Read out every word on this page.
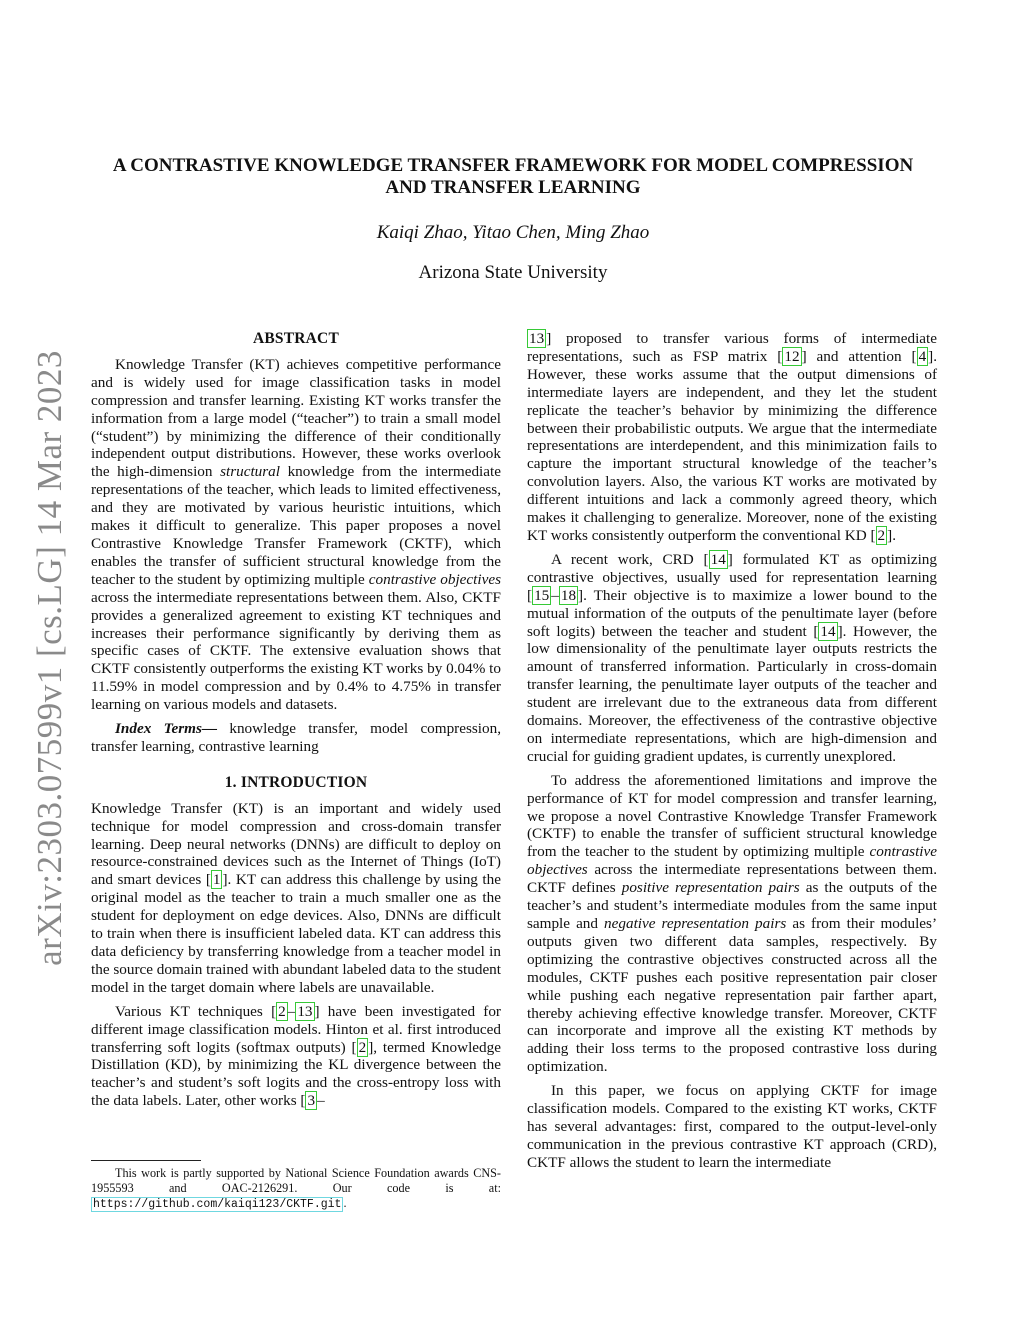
arXiv:2303.07599v1 [cs.LG] 14 Mar 2023
A CONTRASTIVE KNOWLEDGE TRANSFER FRAMEWORK FOR MODEL COMPRESSION
AND TRANSFER LEARNING
Kaiqi Zhao, Yitao Chen, Ming Zhao
Arizona State University
ABSTRACT

Knowledge Transfer (KT) achieves competitive performance and is widely used for image classification tasks in model compression and transfer learning. Existing KT works transfer the information from a large model (“teacher”) to train a small model (“student”) by minimizing the difference of their conditionally independent output distributions. However, these works overlook the high-dimension structural knowledge from the intermediate representations of the teacher, which leads to limited effectiveness, and they are motivated by various heuristic intuitions, which makes it difficult to generalize. This paper proposes a novel Contrastive Knowledge Transfer Framework (CKTF), which enables the transfer of sufficient structural knowledge from the teacher to the student by optimizing multiple contrastive objectives across the intermediate representations between them. Also, CKTF provides a generalized agreement to existing KT techniques and increases their performance significantly by deriving them as specific cases of CKTF. The extensive evaluation shows that CKTF consistently outperforms the existing KT works by 0.04% to 11.59% in model compression and by 0.4% to 4.75% in transfer learning on various models and datasets.

Index Terms— knowledge transfer, model compression, transfer learning, contrastive learning

1. INTRODUCTION

Knowledge Transfer (KT) is an important and widely used technique for model compression and cross-domain transfer learning. Deep neural networks (DNNs) are difficult to deploy on resource-constrained devices such as the Internet of Things (IoT) and smart devices [ 1 ]. KT can address this challenge by using the original model as the teacher to train a much smaller one as the student for deployment on edge devices. Also, DNNs are difficult to train when there is insufficient labeled data. KT can address this data deficiency by transferring knowledge from a teacher model in the source domain trained with abundant labeled data to the student model in the target domain where labels are unavailable.

Various KT techniques [ 2 – 13 ] have been investigated for different image classification models. Hinton et al. first introduced transferring soft logits (softmax outputs) [ 2 ], termed Knowledge Distillation (KD), by minimizing the KL divergence between the teacher’s and student’s soft logits and the cross-entropy loss with the data labels. Later, other works [ 3 –

13 ] proposed to transfer various forms of intermediate representations, such as FSP matrix [ 12 ] and attention [ 4 ]. However, these works assume that the output dimensions of intermediate layers are independent, and they let the student replicate the teacher’s behavior by minimizing the difference between their probabilistic outputs. We argue that the intermediate representations are interdependent, and this minimization fails to capture the important structural knowledge of the teacher’s convolution layers. Also, the various KT works are motivated by different intuitions and lack a commonly agreed theory, which makes it challenging to generalize. Moreover, none of the existing KT works consistently outperform the conventional KD [ 2 ].

A recent work, CRD [ 14 ] formulated KT as optimizing contrastive objectives, usually used for representation learning [ 15 – 18 ]. Their objective is to maximize a lower bound to the mutual information of the outputs of the penultimate layer (before soft logits) between the teacher and student [ 14 ]. However, the low dimensionality of the penultimate layer outputs restricts the amount of transferred information. Particularly in cross-domain transfer learning, the penultimate layer outputs of the teacher and student are irrelevant due to the extraneous data from different domains. Moreover, the effectiveness of the contrastive objective on intermediate representations, which are high-dimension and crucial for guiding gradient updates, is currently unexplored.

To address the aforementioned limitations and improve the performance of KT for model compression and transfer learning, we propose a novel Contrastive Knowledge Transfer Framework (CKTF) to enable the transfer of sufficient structural knowledge from the teacher to the student by optimizing multiple contrastive objectives across the intermediate representations between them. CKTF defines positive representation pairs as the outputs of the teacher’s and student’s intermediate modules from the same input sample and negative representation pairs as from their modules’ outputs given two different data samples, respectively. By optimizing the contrastive objectives constructed across all the modules, CKTF pushes each positive representation pair closer while pushing each negative representation pair farther apart, thereby achieving effective knowledge transfer. Moreover, CKTF can incorporate and improve all the existing KT methods by adding their loss terms to the proposed contrastive loss during optimization.

In this paper, we focus on applying CKTF for image classification models. Compared to the existing KT works, CKTF has several advantages: first, compared to the output-level-only communication in the previous contrastive KT approach (CRD), CKTF allows the student to learn the intermediate

This work is partly supported by National Science Foundation awards CNS-1955593 and OAC-2126291. Our code is at: https://github.com/kaiqi123/CKTF.git .
